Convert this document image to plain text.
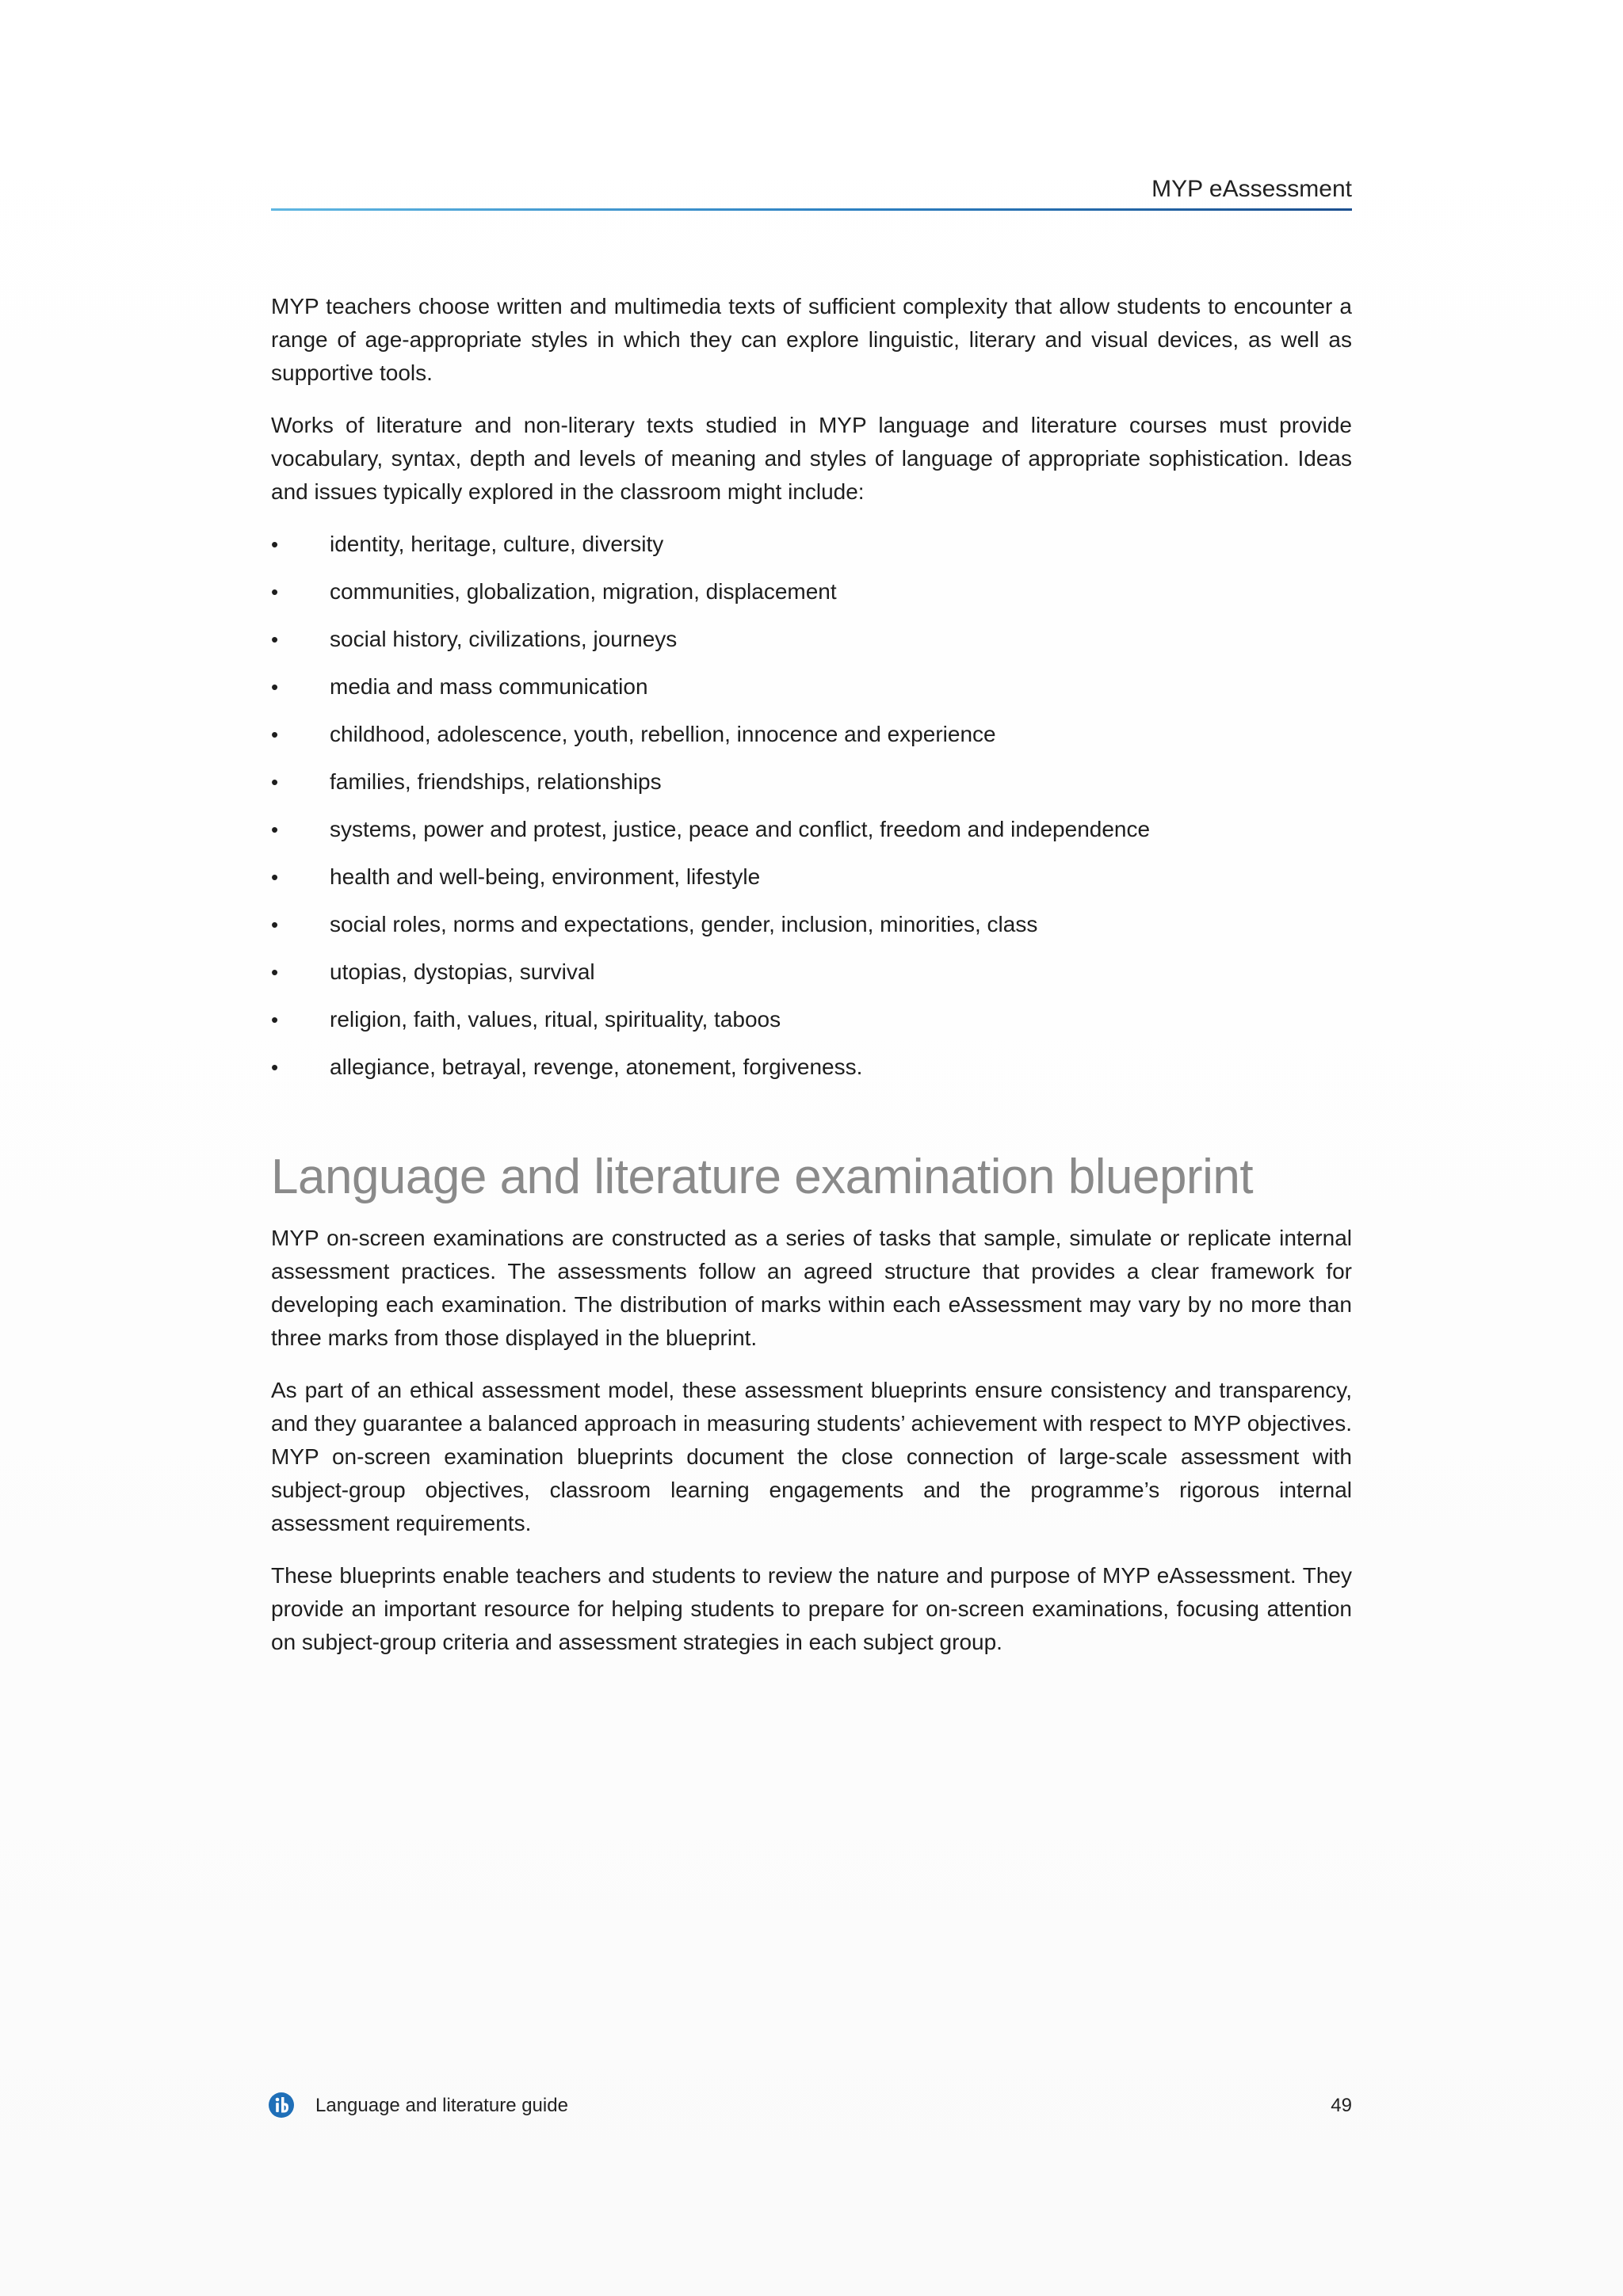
MYP eAssessment

MYP teachers choose written and multimedia texts of sufficient complexity that allow students to encounter a range of age-appropriate styles in which they can explore linguistic, literary and visual devices, as well as supportive tools.

Works of literature and non-literary texts studied in MYP language and literature courses must provide vocabulary, syntax, depth and levels of meaning and styles of language of appropriate sophistication. Ideas and issues typically explored in the classroom might include:

•	identity, heritage, culture, diversity
•	communities, globalization, migration, displacement
•	social history, civilizations, journeys
•	media and mass communication
•	childhood, adolescence, youth, rebellion, innocence and experience
•	families, friendships, relationships
•	systems, power and protest, justice, peace and conflict, freedom and independence
•	health and well-being, environment, lifestyle
•	social roles, norms and expectations, gender, inclusion, minorities, class
•	utopias, dystopias, survival
•	religion, faith, values, ritual, spirituality, taboos
•	allegiance, betrayal, revenge, atonement, forgiveness.
Language and literature examination blueprint

MYP on-screen examinations are constructed as a series of tasks that sample, simulate or replicate internal assessment practices. The assessments follow an agreed structure that provides a clear framework for developing each examination. The distribution of marks within each eAssessment may vary by no more than three marks from those displayed in the blueprint.

As part of an ethical assessment model, these assessment blueprints ensure consistency and transparency, and they guarantee a balanced approach in measuring students’ achievement with respect to MYP objectives. MYP on-screen examination blueprints document the close connection of large-scale assessment with subject-group objectives, classroom learning engagements and the programme’s rigorous internal assessment requirements.

These blueprints enable teachers and students to review the nature and purpose of MYP eAssessment. They provide an important resource for helping students to prepare for on-screen examinations, focusing attention on subject-group criteria and assessment strategies in each subject group.

Language and literature guide	49
